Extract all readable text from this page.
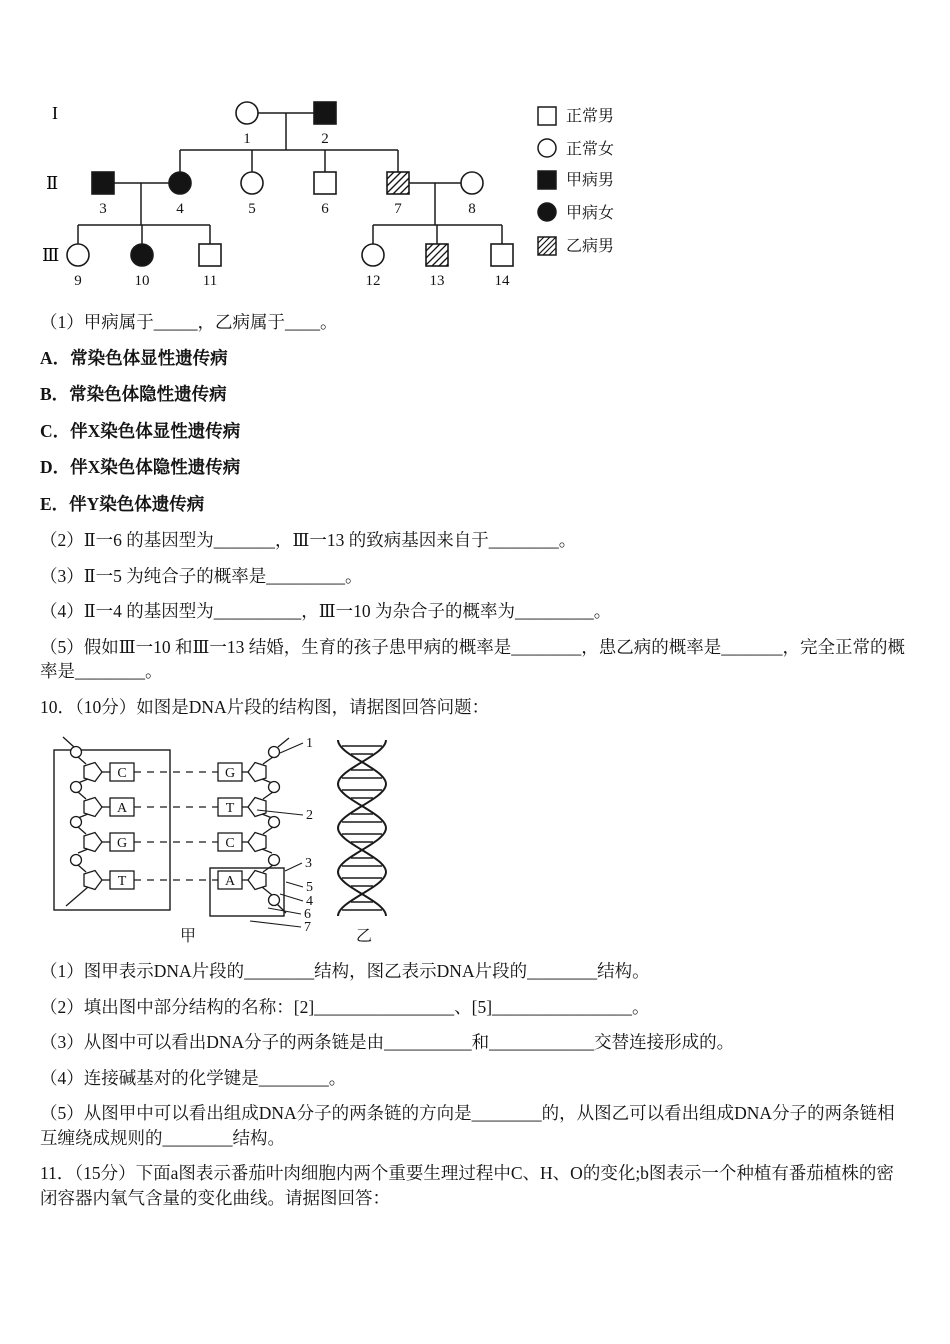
I
Ⅱ
Ⅲ
1	2
3	4	5	6	7	8
9	10	11	12	13	14
正常男
正常女
甲病男
甲病女
乙病男

（1）甲病属于_____，乙病属于____。

A．常染色体显性遗传病

B．常染色体隐性遗传病

C．伴X染色体显性遗传病

D．伴X染色体隐性遗传病

E．伴Y染色体遗传病

（2）Ⅱ一6 的基因型为_______，Ⅲ一13 的致病基因来自于________。

（3）Ⅱ一5 为纯合子的概率是_________。

（4）Ⅱ一4 的基因型为__________，Ⅲ一10 为杂合子的概率为_________。

（5）假如Ⅲ一10 和Ⅲ一13 结婚，生育的孩子患甲病的概率是________，患乙病的概率是_______，完全正常的概率是________。

10．（10分）如图是DNA片段的结构图，请据图回答问题：

C	G
A	T
G	C
T	A
1
2
3
5
4
6
7
甲	乙

（1）图甲表示DNA片段的________结构，图乙表示DNA片段的________结构。

（2）填出图中部分结构的名称：[2]________________、[5]________________。

（3）从图中可以看出DNA分子的两条链是由__________和____________交替连接形成的。

（4）连接碱基对的化学键是________。

（5）从图甲中可以看出组成DNA分子的两条链的方向是________的，从图乙可以看出组成DNA分子的两条链相互缠绕成规则的________结构。

11．（15分）下面a图表示番茄叶肉细胞内两个重要生理过程中C、H、O的变化;b图表示一个种植有番茄植株的密闭容器内氧气含量的变化曲线。请据图回答：
